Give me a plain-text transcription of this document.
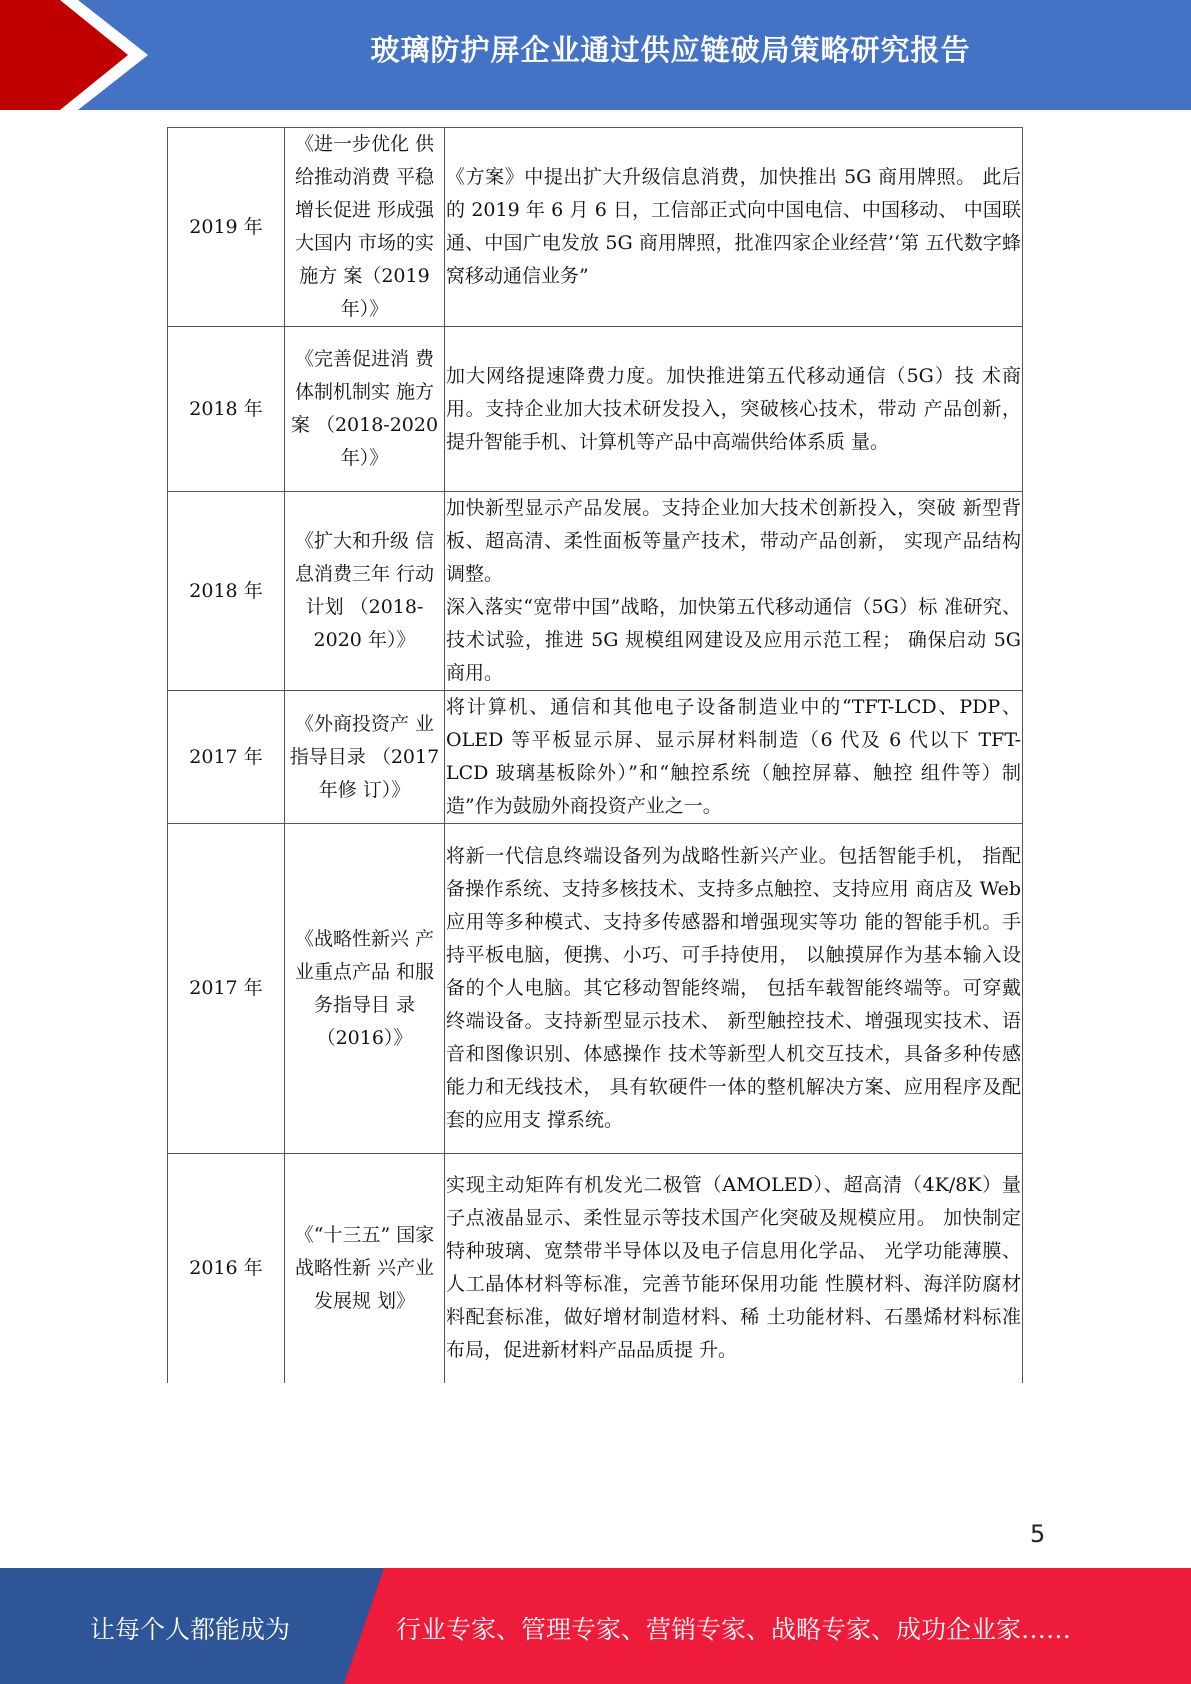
玻璃防护屏企业通过供应链破局策略研究报告
2019 年	《进一步优化 供给推动消费 平稳增长促进 形成强大国内 市场的实施方 案（2019 年）》	《方案》中提出扩大升级信息消费，加快推出 5G 商用牌照。 此后的 2019 年 6 月 6 日，工信部正式向中国电信、中国移动、 中国联通、中国广电发放 5G 商用牌照，批准四家企业经营’‘第 五代数字蜂窝移动通信业务”

2018 年	《完善促进消 费体制机制实 施方案 （2018-2020 年）》	加大网络提速降费力度。加快推进第五代移动通信（5G）技 术商用。支持企业加大技术研发投入，突破核心技术，带动 产品创新，提升智能手机、计算机等产品中高端供给体系质 量。

2018 年	《扩大和升级 信息消费三年 行动计划 （2018-2020 年）》	加快新型显示产品发展。支持企业加大技术创新投入，突破 新型背板、超高清、柔性面板等量产技术，带动产品创新， 实现产品结构调整。

深入落实“宽带中国”战略，加快第五代移动通信（5G）标 准研究、技术试验，推进 5G 规模组网建设及应用示范工程； 确保启动 5G 商用。

2017 年	《外商投资产 业指导目录 （2017 年修 订）》	将计算机、通信和其他电子设备制造业中的“TFT-LCD、PDP、OLED 等平板显示屏、显示屏材料制造（6 代及 6 代以下 TFT-LCD 玻璃基板除外）”和“触控系统（触控屏幕、触控 组件等）制造”作为鼓励外商投资产业之一。

2017 年	《战略性新兴 产业重点产品 和服务指导目 录（2016）》	将新一代信息终端设备列为战略性新兴产业。包括智能手机， 指配备操作系统、支持多核技术、支持多点触控、支持应用 商店及 Web 应用等多种模式、支持多传感器和增强现实等功 能的智能手机。手持平板电脑，便携、小巧、可手持使用， 以触摸屏作为基本输入设备的个人电脑。其它移动智能终端， 包括车载智能终端等。可穿戴终端设备。支持新型显示技术、 新型触控技术、增强现实技术、语音和图像识别、体感操作 技术等新型人机交互技术，具备多种传感能力和无线技术， 具有软硬件一体的整机解决方案、应用程序及配套的应用支 撑系统。

2016 年	《“十三五” 国家战略性新 兴产业发展规 划》	实现主动矩阵有机发光二极管（AMOLED）、超高清（4K/8K）量子点液晶显示、柔性显示等技术国产化突破及规模应用。 加快制定特种玻璃、宽禁带半导体以及电子信息用化学品、 光学功能薄膜、人工晶体材料等标准，完善节能环保用功能 性膜材料、海洋防腐材料配套标准，做好增材制造材料、稀 土功能材料、石墨烯材料标准布局，促进新材料产品品质提 升。

5
让每个人都能成为	行业专家、管理专家、营销专家、战略专家、成功企业家……
